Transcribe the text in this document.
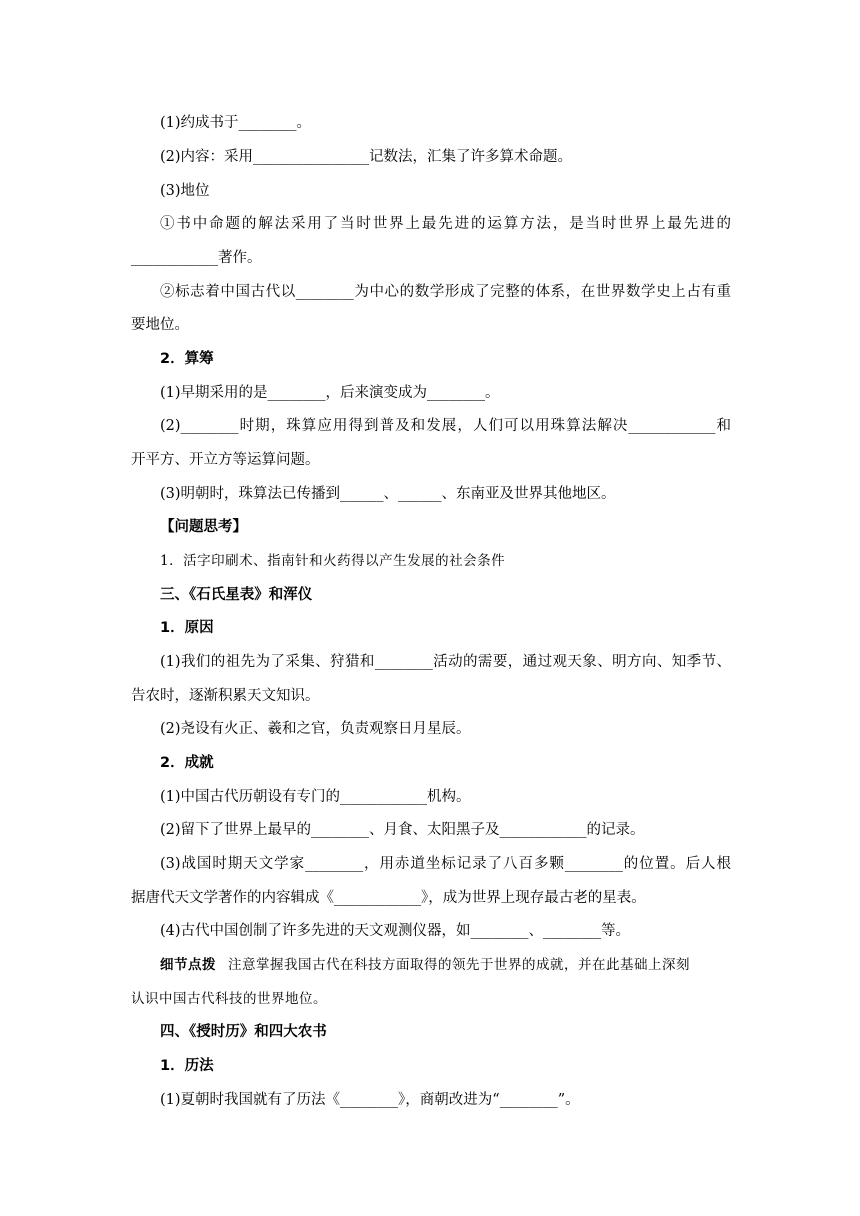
(1)约成书于________。
(2)内容：采用________________记数法，汇集了许多算术命题。
(3)地位
①书中命题的解法采用了当时世界上最先进的运算方法，是当时世界上最先进的
____________著作。
②标志着中国古代以________为中心的数学形成了完整的体系，在世界数学史上占有重
要地位。
2．算筹
(1)早期采用的是________，后来演变成为________。
(2)________时期，珠算应用得到普及和发展，人们可以用珠算法解决____________和
开平方、开立方等运算问题。
(3)明朝时，珠算法已传播到______、______、东南亚及世界其他地区。
【问题思考】
1．活字印刷术、指南针和火药得以产生发展的社会条件
三、《石氏星表》和浑仪
1．原因
(1)我们的祖先为了采集、狩猎和________活动的需要，通过观天象、明方向、知季节、
告农时，逐渐积累天文知识。
(2)尧设有火正、羲和之官，负责观察日月星辰。
2．成就
(1)中国古代历朝设有专门的____________机构。
(2)留下了世界上最早的________、月食、太阳黑子及____________的记录。
(3)战国时期天文学家________，用赤道坐标记录了八百多颗________的位置。后人根
据唐代天文学著作的内容辑成《____________》，成为世界上现存最古老的星表。
(4)古代中国创制了许多先进的天文观测仪器，如________、________等。
细节点拨 注意掌握我国古代在科技方面取得的领先于世界的成就，并在此基础上深刻
认识中国古代科技的世界地位。
四、《授时历》和四大农书
1．历法
(1)夏朝时我国就有了历法《________》，商朝改进为“________”。
